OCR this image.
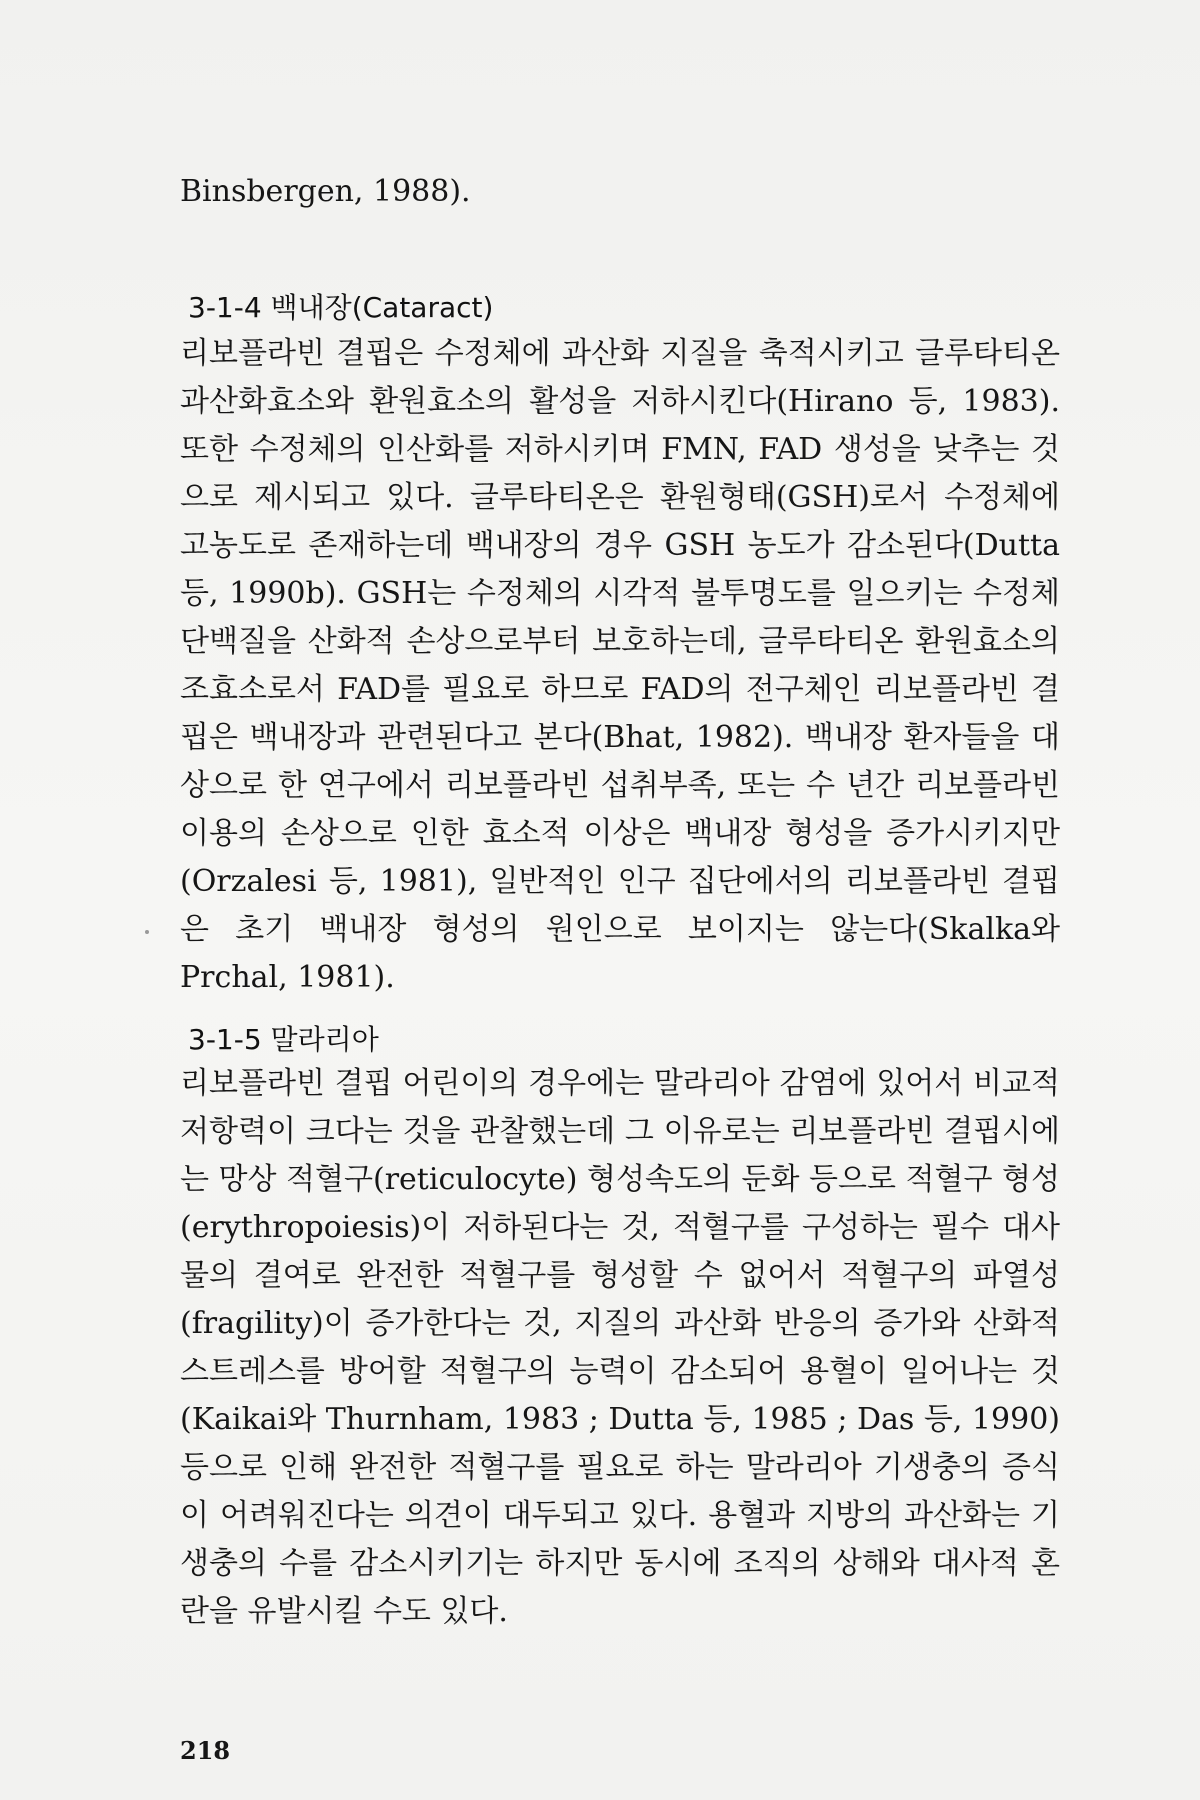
Binsbergen, 1988).
3-1-4 백내장(Cataract)
리보플라빈 결핍은 수정체에 과산화 지질을 축적시키고 글루타티온 과산화효소와 환원효소의 활성을 저하시킨다(Hirano 등, 1983). 또한 수정체의 인산화를 저하시키며 FMN, FAD 생성을 낮추는 것으로 제시되고 있다. 글루타티온은 환원형태(GSH)로서 수정체에 고농도로 존재하는데 백내장의 경우 GSH 농도가 감소된다(Dutta 등, 1990b). GSH는 수정체의 시각적 불투명도를 일으키는 수정체 단백질을 산화적 손상으로부터 보호하는데, 글루타티온 환원효소의 조효소로서 FAD를 필요로 하므로 FAD의 전구체인 리보플라빈 결핍은 백내장과 관련된다고 본다(Bhat, 1982). 백내장 환자들을 대상으로 한 연구에서 리보플라빈 섭취부족, 또는 수 년간 리보플라빈 이용의 손상으로 인한 효소적 이상은 백내장 형성을 증가시키지만(Orzalesi 등, 1981), 일반적인 인구 집단에서의 리보플라빈 결핍은 초기 백내장 형성의 원인으로 보이지는 않는다(Skalka와 Prchal, 1981).
3-1-5 말라리아
리보플라빈 결핍 어린이의 경우에는 말라리아 감염에 있어서 비교적 저항력이 크다는 것을 관찰했는데 그 이유로는 리보플라빈 결핍시에는 망상 적혈구(reticulocyte) 형성속도의 둔화 등으로 적혈구 형성(erythropoiesis)이 저하된다는 것, 적혈구를 구성하는 필수 대사물의 결여로 완전한 적혈구를 형성할 수 없어서 적혈구의 파열성(fragility)이 증가한다는 것, 지질의 과산화 반응의 증가와 산화적 스트레스를 방어할 적혈구의 능력이 감소되어 용혈이 일어나는 것(Kaikai와 Thurnham, 1983 ; Dutta 등, 1985 ; Das 등, 1990) 등으로 인해 완전한 적혈구를 필요로 하는 말라리아 기생충의 증식이 어려워진다는 의견이 대두되고 있다. 용혈과 지방의 과산화는 기생충의 수를 감소시키기는 하지만 동시에 조직의 상해와 대사적 혼란을 유발시킬 수도 있다.
218
